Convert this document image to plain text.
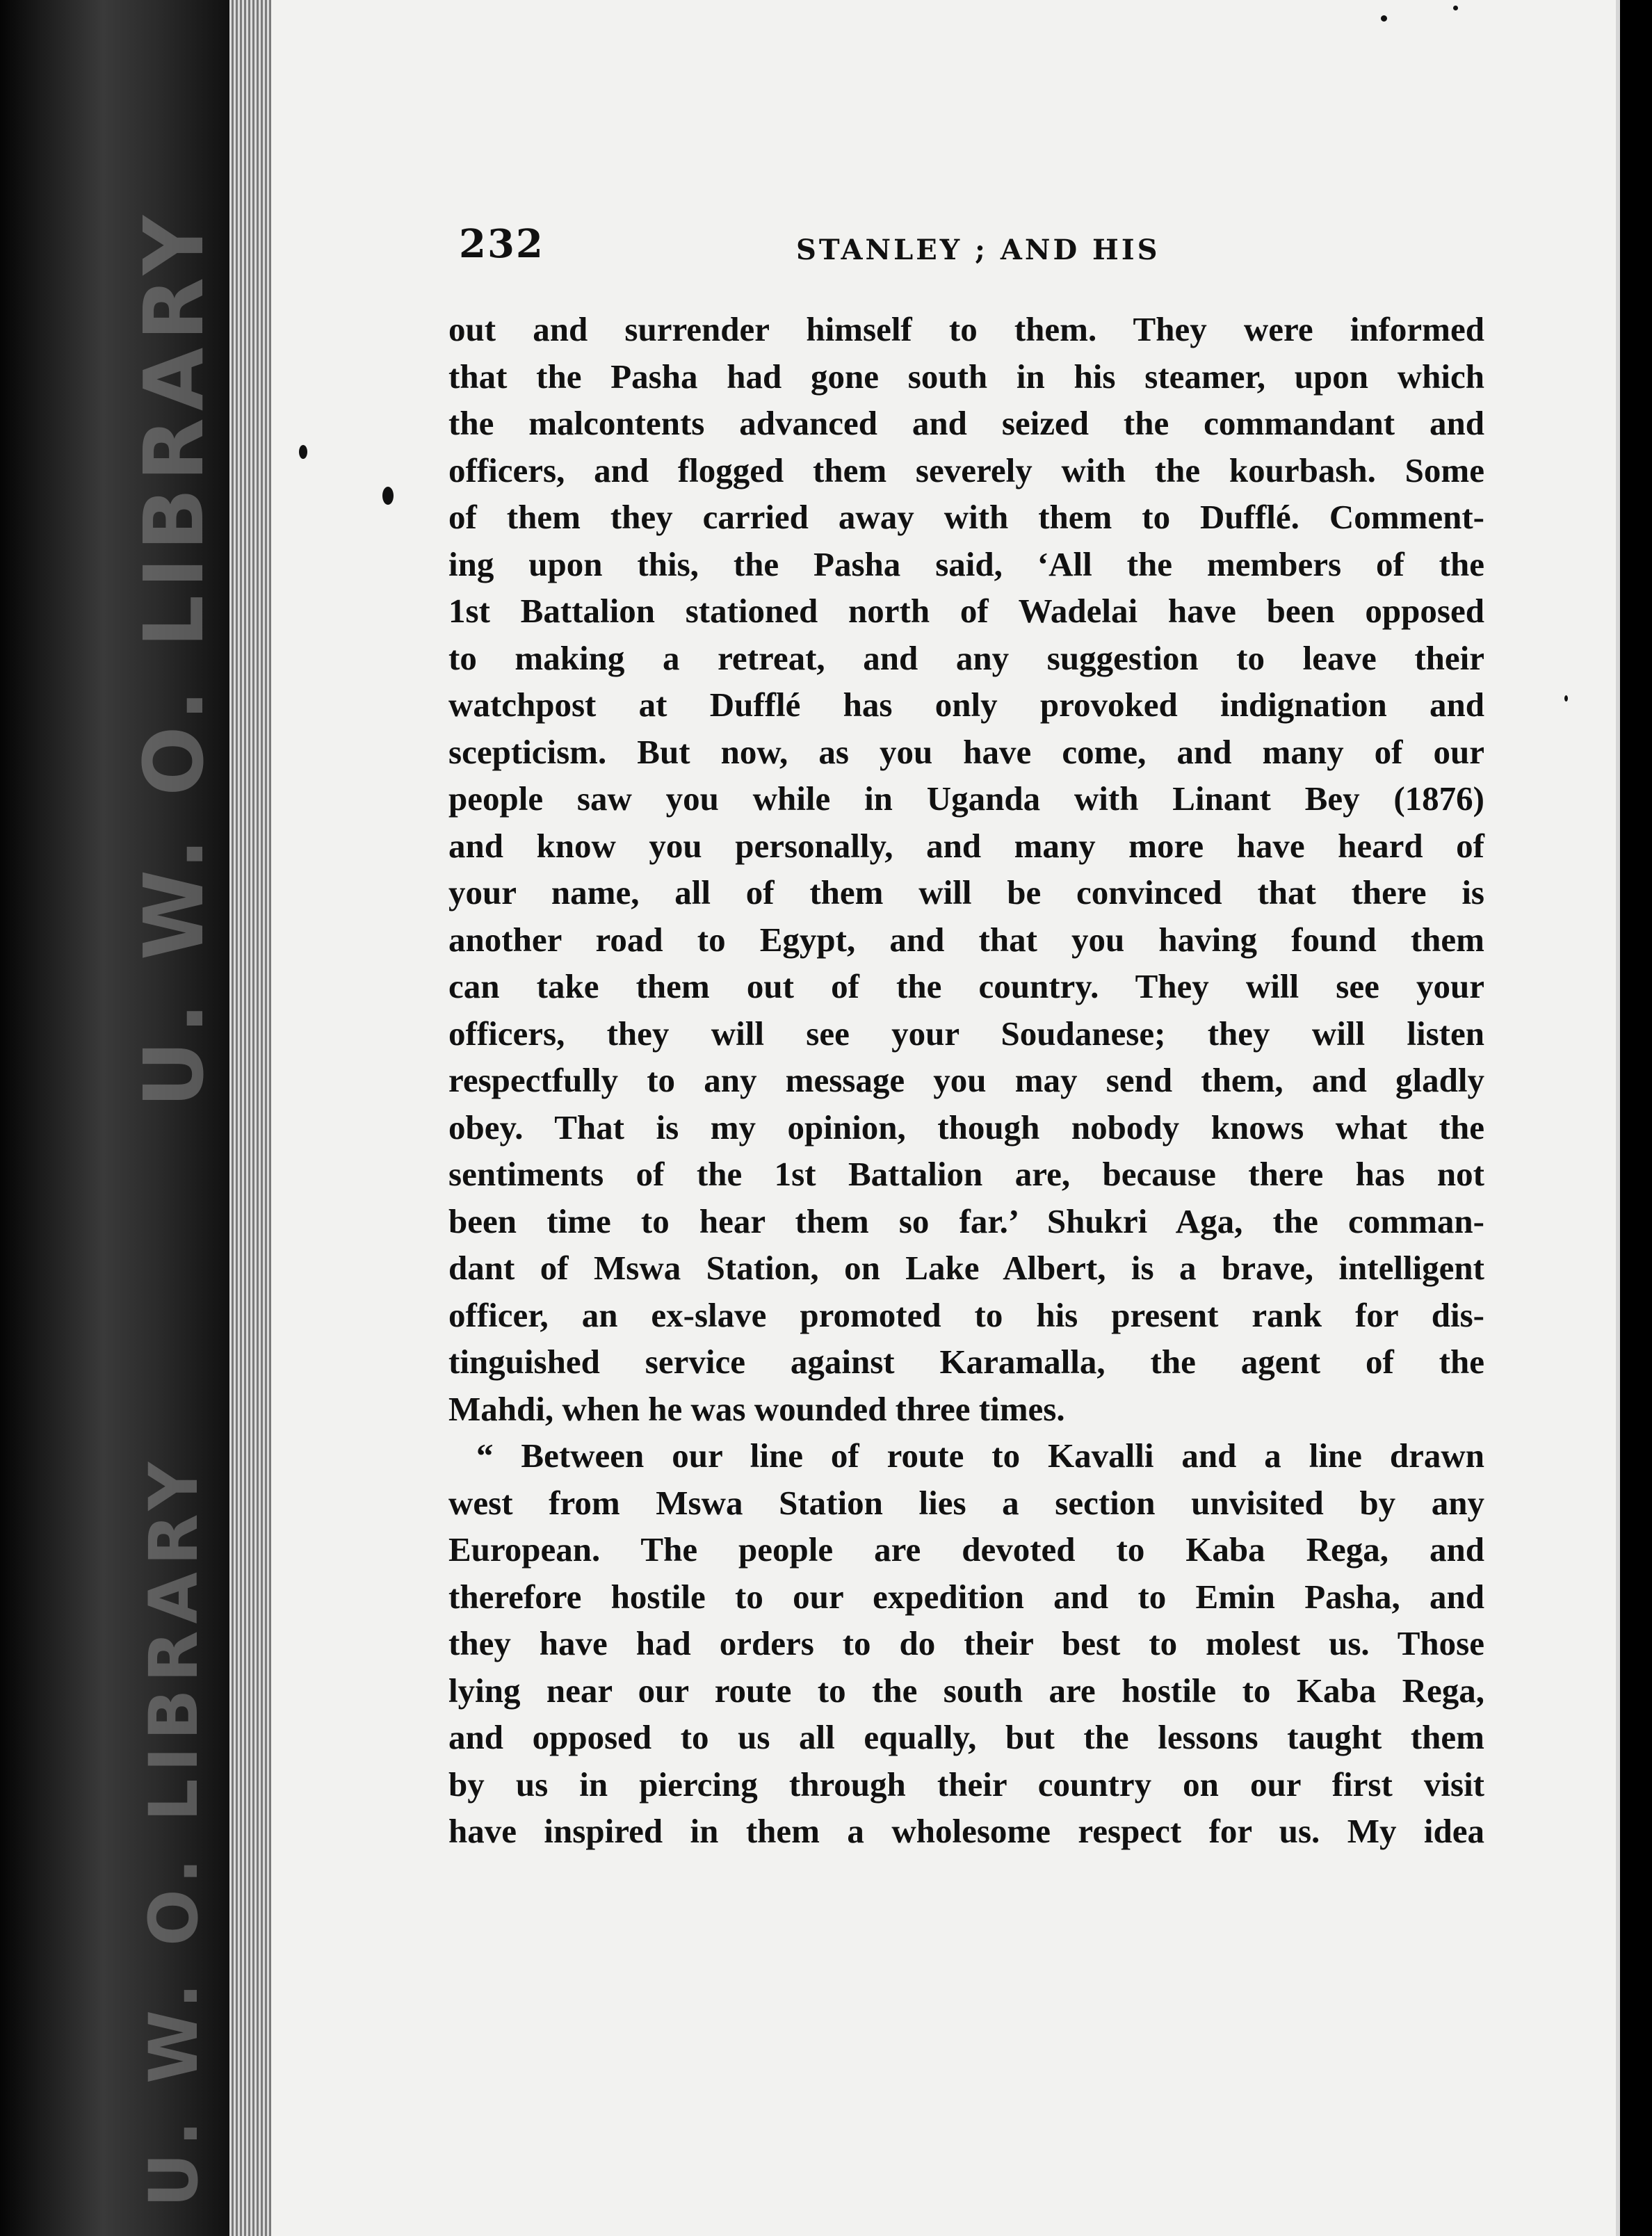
U. W. O. LIBRARY
U. W. O. LIBRARY
232	STANLEY ; AND HIS
out and surrender himself to them. They were informed
that the Pasha had gone south in his steamer, upon which
the malcontents advanced and seized the commandant and
officers, and flogged them severely with the kourbash. Some
of them they carried away with them to Dufflé. Comment-
ing upon this, the Pasha said, ‘All the members of the
1st Battalion stationed north of Wadelai have been opposed
to making a retreat, and any suggestion to leave their
watchpost at Dufflé has only provoked indignation and
scepticism. But now, as you have come, and many of our
people saw you while in Uganda with Linant Bey (1876)
and know you personally, and many more have heard of
your name, all of them will be convinced that there is
another road to Egypt, and that you having found them
can take them out of the country. They will see your
officers, they will see your Soudanese; they will listen
respectfully to any message you may send them, and gladly
obey. That is my opinion, though nobody knows what the
sentiments of the 1st Battalion are, because there has not
been time to hear them so far.’ Shukri Aga, the comman-
dant of Mswa Station, on Lake Albert, is a brave, intelligent
officer, an ex-slave promoted to his present rank for dis-
tinguished service against Karamalla, the agent of the
Mahdi, when he was wounded three times.
“ Between our line of route to Kavalli and a line drawn
west from Mswa Station lies a section unvisited by any
European. The people are devoted to Kaba Rega, and
therefore hostile to our expedition and to Emin Pasha, and
they have had orders to do their best to molest us. Those
lying near our route to the south are hostile to Kaba Rega,
and opposed to us all equally, but the lessons taught them
by us in piercing through their country on our first visit
have inspired in them a wholesome respect for us. My idea
